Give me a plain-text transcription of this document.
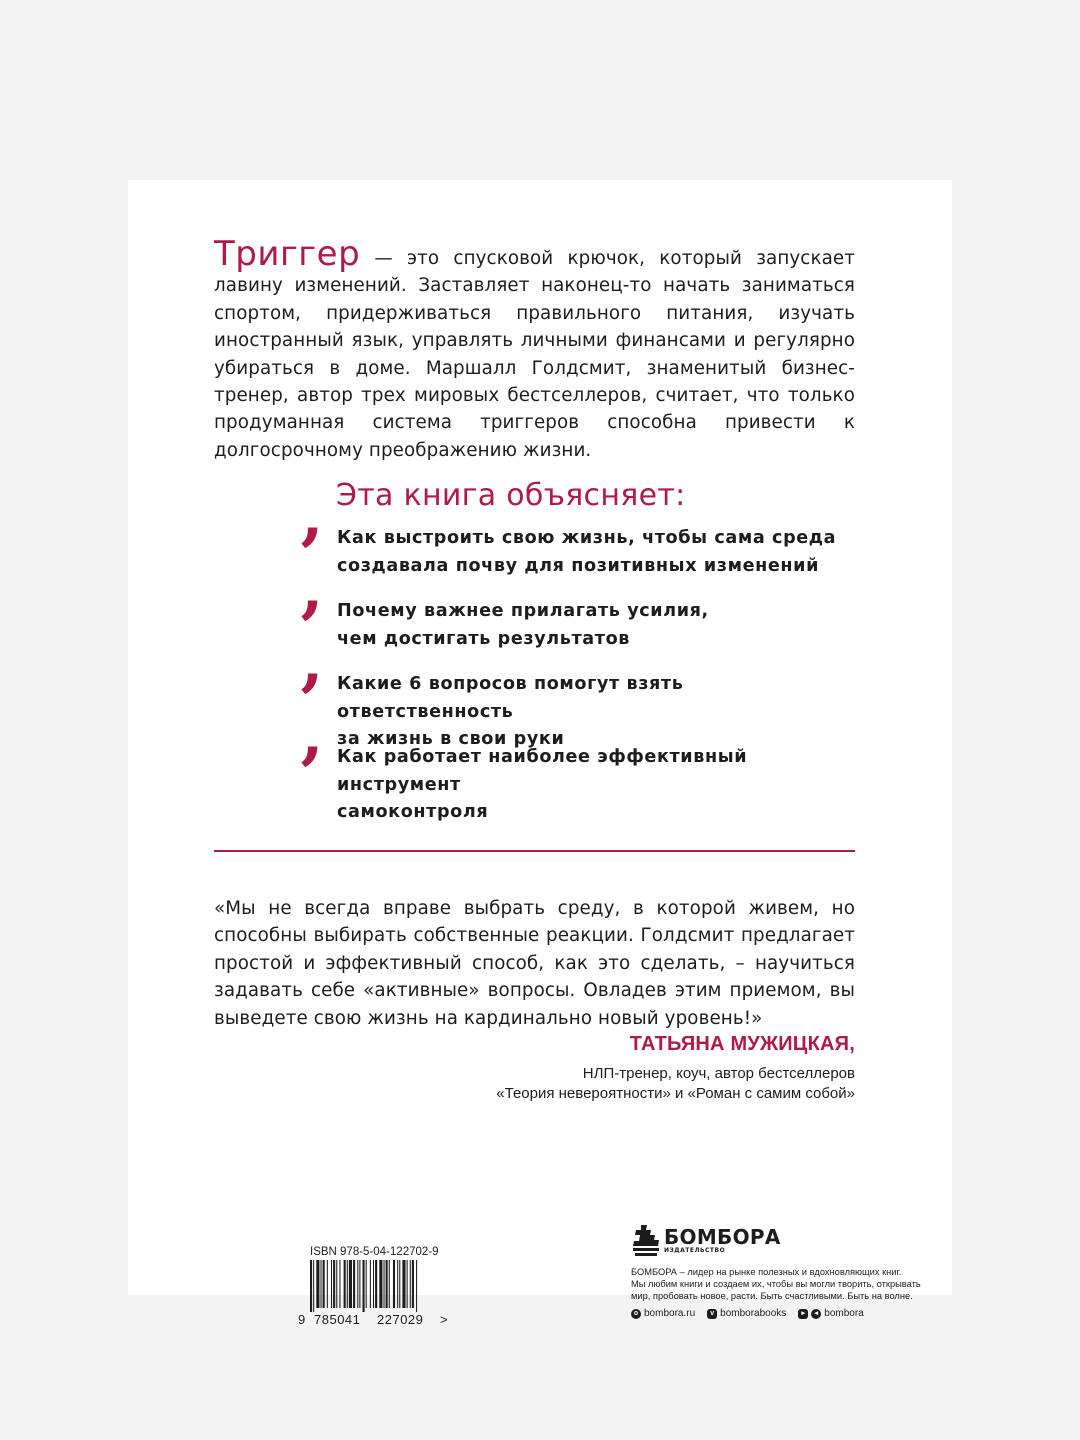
Триггер — это спусковой крючок, который запускает лавину изменений. Заставляет наконец-то начать заниматься спортом, придерживаться правильного питания, изучать иностранный язык, управлять личными финансами и регулярно убираться в доме. Маршалл Голдсмит, знаменитый бизнес-тренер, автор трех мировых бестселлеров, считает, что только продуманная система триггеров способна привести к долгосрочному преображению жизни.

Эта книга объясняет:
’ Как выстроить свою жизнь, чтобы сама среда
создавала почву для позитивных изменений
’ Почему важнее прилагать усилия,
чем достигать результатов
’ Какие 6 вопросов помогут взять ответственность
за жизнь в свои руки
’ Как работает наиболее эффективный инструмент
самоконтроля

«Мы не всегда вправе выбрать среду, в которой живем, но способны выбирать собственные реакции. Голдсмит предлагает простой и эффективный способ, как это сделать, – научиться задавать себе «активные» вопросы. Овладев этим приемом, вы выведете свою жизнь на кардинально новый уровень!»

ТАТЬЯНА МУЖИЦКАЯ,

НЛП-тренер, коуч, автор бестселлеров
«Теория невероятности» и «Роман с самим собой»

ISBN 978-5-04-122702-9

9 785041 227029 >
БОМБОРА
ИЗДАТЕЛЬСТВО

БОМБОРА – лидер на рынке полезных и вдохновляющих книг.
Мы любим книги и создаем их, чтобы вы могли творить, открывать
мир, пробовать новое, расти. Быть счастливыми. Быть на волне.

o bombora.ru	v bomborabooks	▸	◂ bombora
